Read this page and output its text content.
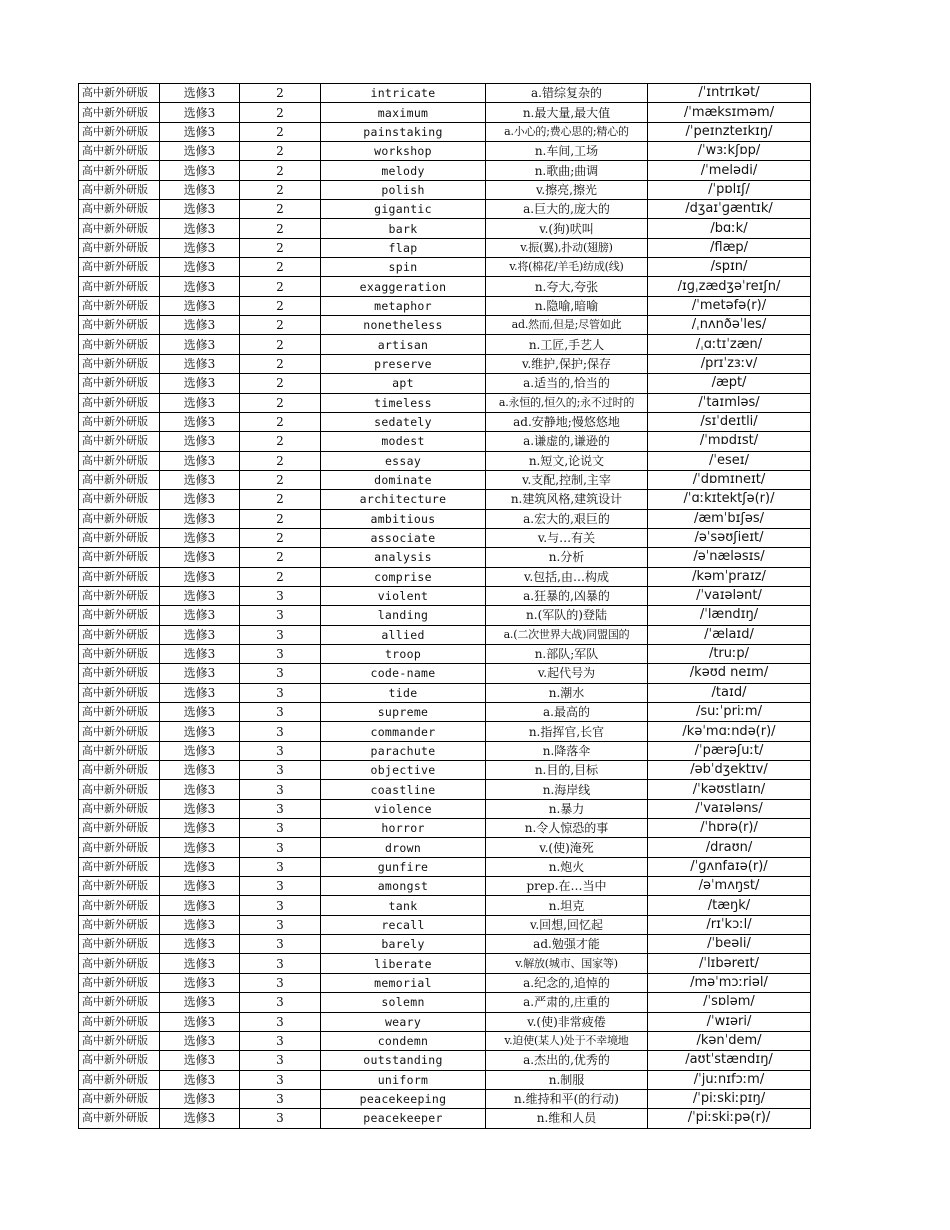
高中新外研版	选修3	2	intricate	a.错综复杂的	/ˈɪntrɪkət/
高中新外研版	选修3	2	maximum	n.最大量,最大值	/ˈmæksɪməm/
高中新外研版	选修3	2	painstaking	a.小心的;费心思的;精心的	/ˈpeɪnzteɪkɪŋ/
高中新外研版	选修3	2	workshop	n.车间,工场	/ˈwɜːkʃɒp/
高中新外研版	选修3	2	melody	n.歌曲;曲调	/ˈmelədi/
高中新外研版	选修3	2	polish	v.擦亮,擦光	/ˈpɒlɪʃ/
高中新外研版	选修3	2	gigantic	a.巨大的,庞大的	/dʒaɪˈɡæntɪk/
高中新外研版	选修3	2	bark	v.(狗)吠叫	/bɑːk/
高中新外研版	选修3	2	flap	v.振(翼),扑动(翅膀)	/flæp/
高中新外研版	选修3	2	spin	v.将(棉花/羊毛)纺成(线)	/spɪn/
高中新外研版	选修3	2	exaggeration	n.夸大,夸张	/ɪɡˌzædʒəˈreɪʃn/
高中新外研版	选修3	2	metaphor	n.隐喻,暗喻	/ˈmetəfə(r)/
高中新外研版	选修3	2	nonetheless	ad.然而,但是;尽管如此	/ˌnʌnðəˈles/
高中新外研版	选修3	2	artisan	n.工匠,手艺人	/ˌɑːtɪˈzæn/
高中新外研版	选修3	2	preserve	v.维护,保护;保存	/prɪˈzɜːv/
高中新外研版	选修3	2	apt	a.适当的,恰当的	/æpt/
高中新外研版	选修3	2	timeless	a.永恒的,恒久的;永不过时的	/ˈtaɪmləs/
高中新外研版	选修3	2	sedately	ad.安静地;慢悠悠地	/sɪˈdeɪtli/
高中新外研版	选修3	2	modest	a.谦虚的,谦逊的	/ˈmɒdɪst/
高中新外研版	选修3	2	essay	n.短文,论说文	/ˈeseɪ/
高中新外研版	选修3	2	dominate	v.支配,控制,主宰	/ˈdɒmɪneɪt/
高中新外研版	选修3	2	architecture	n.建筑风格,建筑设计	/ˈɑːkɪtektʃə(r)/
高中新外研版	选修3	2	ambitious	a.宏大的,艰巨的	/æmˈbɪʃəs/
高中新外研版	选修3	2	associate	v.与…有关	/əˈsəʊʃieɪt/
高中新外研版	选修3	2	analysis	n.分析	/əˈnæləsɪs/
高中新外研版	选修3	2	comprise	v.包括,由…构成	/kəmˈpraɪz/
高中新外研版	选修3	3	violent	a.狂暴的,凶暴的	/ˈvaɪələnt/
高中新外研版	选修3	3	landing	n.(军队的)登陆	/ˈlændɪŋ/
高中新外研版	选修3	3	allied	a.(二次世界大战)同盟国的	/ˈælaɪd/
高中新外研版	选修3	3	troop	n.部队;军队	/truːp/
高中新外研版	选修3	3	code-name	v.起代号为	/kəʊd neɪm/
高中新外研版	选修3	3	tide	n.潮水	/taɪd/
高中新外研版	选修3	3	supreme	a.最高的	/suːˈpriːm/
高中新外研版	选修3	3	commander	n.指挥官,长官	/kəˈmɑːndə(r)/
高中新外研版	选修3	3	parachute	n.降落伞	/ˈpærəʃuːt/
高中新外研版	选修3	3	objective	n.目的,目标	/əbˈdʒektɪv/
高中新外研版	选修3	3	coastline	n.海岸线	/ˈkəʊstlaɪn/
高中新外研版	选修3	3	violence	n.暴力	/ˈvaɪələns/
高中新外研版	选修3	3	horror	n.令人惊恐的事	/ˈhɒrə(r)/
高中新外研版	选修3	3	drown	v.(使)淹死	/draʊn/
高中新外研版	选修3	3	gunfire	n.炮火	/ˈɡʌnfaɪə(r)/
高中新外研版	选修3	3	amongst	prep.在…当中	/əˈmʌŋst/
高中新外研版	选修3	3	tank	n.坦克	/tæŋk/
高中新外研版	选修3	3	recall	v.回想,回忆起	/rɪˈkɔːl/
高中新外研版	选修3	3	barely	ad.勉强才能	/ˈbeəli/
高中新外研版	选修3	3	liberate	v.解放(城市、国家等)	/ˈlɪbəreɪt/
高中新外研版	选修3	3	memorial	a.纪念的,追悼的	/məˈmɔːriəl/
高中新外研版	选修3	3	solemn	a.严肃的,庄重的	/ˈsɒləm/
高中新外研版	选修3	3	weary	v.(使)非常疲倦	/ˈwɪəri/
高中新外研版	选修3	3	condemn	v.迫使(某人)处于不幸境地	/kənˈdem/
高中新外研版	选修3	3	outstanding	a.杰出的,优秀的	/aʊtˈstændɪŋ/
高中新外研版	选修3	3	uniform	n.制服	/ˈjuːnɪfɔːm/
高中新外研版	选修3	3	peacekeeping	n.维持和平(的行动)	/ˈpiːskiːpɪŋ/
高中新外研版	选修3	3	peacekeeper	n.维和人员	/ˈpiːskiːpə(r)/
